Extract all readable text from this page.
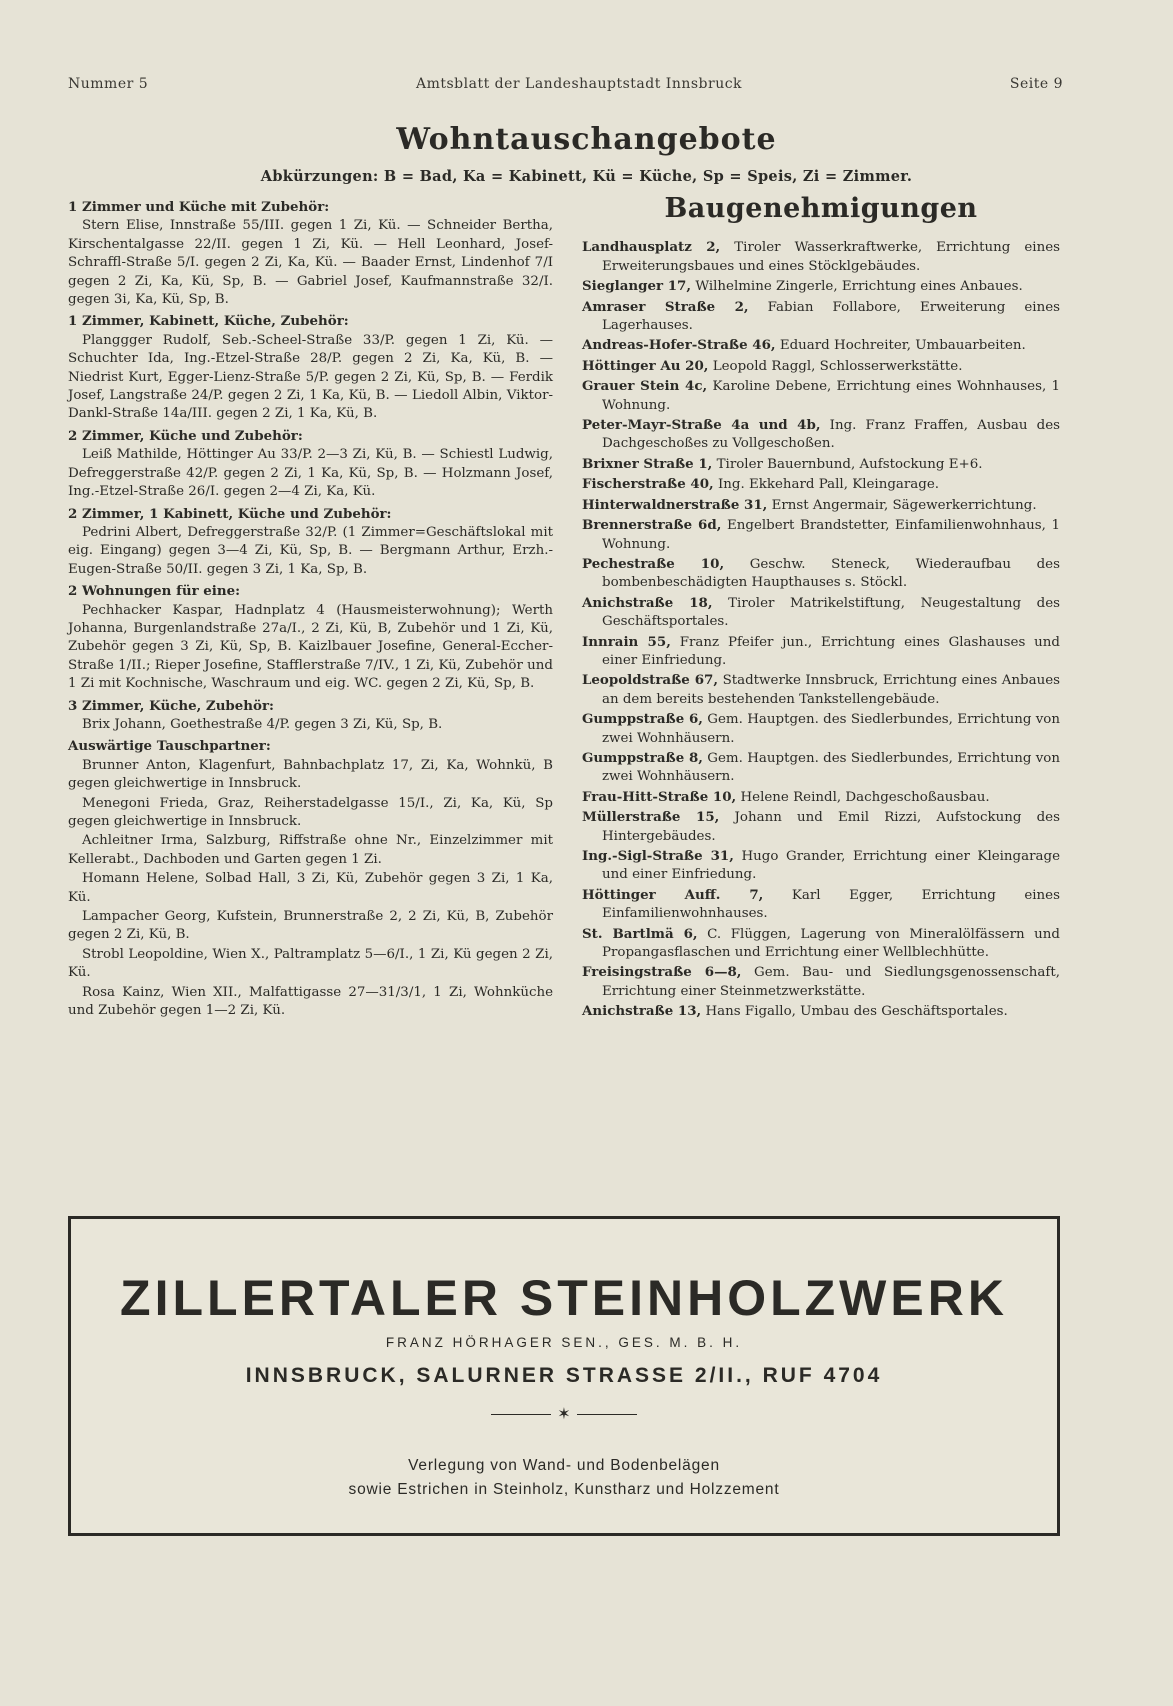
Nummer 5	Amtsblatt der Landeshauptstadt Innsbruck	Seite 9
Wohntauschangebote
Abkürzungen: B = Bad, Ka = Kabinett, Kü = Küche, Sp = Speis, Zi = Zimmer.
1 Zimmer und Küche mit Zubehör:

Stern Elise, Innstraße 55/III. gegen 1 Zi, Kü. — Schneider Bertha, Kirschentalgasse 22/II. gegen 1 Zi, Kü. — Hell Leonhard, Josef-Schraffl-Straße 5/I. gegen 2 Zi, Ka, Kü. — Baader Ernst, Lindenhof 7/I gegen 2 Zi, Ka, Kü, Sp, B. — Gabriel Josef, Kaufmannstraße 32/I. gegen 3i, Ka, Kü, Sp, B.

1 Zimmer, Kabinett, Küche, Zubehör:

Planggger Rudolf, Seb.-Scheel-Straße 33/P. gegen 1 Zi, Kü. — Schuchter Ida, Ing.-Etzel-Straße 28/P. gegen 2 Zi, Ka, Kü, B. — Niedrist Kurt, Egger-Lienz-Straße 5/P. gegen 2 Zi, Kü, Sp, B. — Ferdik Josef, Langstraße 24/P. gegen 2 Zi, 1 Ka, Kü, B. — Liedoll Albin, Viktor-Dankl-Straße 14a/III. gegen 2 Zi, 1 Ka, Kü, B.

2 Zimmer, Küche und Zubehör:

Leiß Mathilde, Höttinger Au 33/P. 2—3 Zi, Kü, B. — Schiestl Ludwig, Defreggerstraße 42/P. gegen 2 Zi, 1 Ka, Kü, Sp, B. — Holzmann Josef, Ing.-Etzel-Straße 26/I. gegen 2—4 Zi, Ka, Kü.

2 Zimmer, 1 Kabinett, Küche und Zubehör:

Pedrini Albert, Defreggerstraße 32/P. (1 Zimmer=Geschäftslokal mit eig. Eingang) gegen 3—4 Zi, Kü, Sp, B. — Bergmann Arthur, Erzh.-Eugen-Straße 50/II. gegen 3 Zi, 1 Ka, Sp, B.

2 Wohnungen für eine:

Pechhacker Kaspar, Hadnplatz 4 (Hausmeisterwohnung); Werth Johanna, Burgenlandstraße 27a/I., 2 Zi, Kü, B, Zubehör und 1 Zi, Kü, Zubehör gegen 3 Zi, Kü, Sp, B. Kaizlbauer Josefine, General-Eccher-Straße 1/II.; Rieper Josefine, Stafflerstraße 7/IV., 1 Zi, Kü, Zubehör und 1 Zi mit Kochnische, Waschraum und eig. WC. gegen 2 Zi, Kü, Sp, B.

3 Zimmer, Küche, Zubehör:

Brix Johann, Goethestraße 4/P. gegen 3 Zi, Kü, Sp, B.

Auswärtige Tauschpartner:

Brunner Anton, Klagenfurt, Bahnbachplatz 17, Zi, Ka, Wohnkü, B gegen gleichwertige in Innsbruck.

Menegoni Frieda, Graz, Reiherstadelgasse 15/I., Zi, Ka, Kü, Sp gegen gleichwertige in Innsbruck.

Achleitner Irma, Salzburg, Riffstraße ohne Nr., Einzelzimmer mit Kellerabt., Dachboden und Garten gegen 1 Zi.

Homann Helene, Solbad Hall, 3 Zi, Kü, Zubehör gegen 3 Zi, 1 Ka, Kü.

Lampacher Georg, Kufstein, Brunnerstraße 2, 2 Zi, Kü, B, Zubehör gegen 2 Zi, Kü, B.

Strobl Leopoldine, Wien X., Paltramplatz 5—6/I., 1 Zi, Kü gegen 2 Zi, Kü.

Rosa Kainz, Wien XII., Malfattigasse 27—31/3/1, 1 Zi, Wohnküche und Zubehör gegen 1—2 Zi, Kü.

Baugenehmigungen

Landhausplatz 2, Tiroler Wasserkraftwerke, Errichtung eines Erweiterungsbaues und eines Stöcklgebäudes.

Sieglanger 17, Wilhelmine Zingerle, Errichtung eines Anbaues.

Amraser Straße 2, Fabian Follabore, Erweiterung eines Lagerhauses.

Andreas-Hofer-Straße 46, Eduard Hochreiter, Umbauarbeiten.

Höttinger Au 20, Leopold Raggl, Schlosserwerkstätte.

Grauer Stein 4c, Karoline Debene, Errichtung eines Wohnhauses, 1 Wohnung.

Peter-Mayr-Straße 4a und 4b, Ing. Franz Fraffen, Ausbau des Dachgeschoßes zu Vollgeschoßen.

Brixner Straße 1, Tiroler Bauernbund, Aufstockung E+6.

Fischerstraße 40, Ing. Ekkehard Pall, Kleingarage.

Hinterwaldnerstraße 31, Ernst Angermair, Sägewerkerrichtung.

Brennerstraße 6d, Engelbert Brandstetter, Einfamilienwohnhaus, 1 Wohnung.

Pechestraße 10, Geschw. Steneck, Wiederaufbau des bombenbeschädigten Haupthauses s. Stöckl.

Anichstraße 18, Tiroler Matrikelstiftung, Neugestaltung des Geschäftsportales.

Innrain 55, Franz Pfeifer jun., Errichtung eines Glashauses und einer Einfriedung.

Leopoldstraße 67, Stadtwerke Innsbruck, Errichtung eines Anbaues an dem bereits bestehenden Tankstellengebäude.

Gumppstraße 6, Gem. Hauptgen. des Siedlerbundes, Errichtung von zwei Wohnhäusern.

Gumppstraße 8, Gem. Hauptgen. des Siedlerbundes, Errichtung von zwei Wohnhäusern.

Frau-Hitt-Straße 10, Helene Reindl, Dachgeschoßausbau.

Müllerstraße 15, Johann und Emil Rizzi, Aufstockung des Hintergebäudes.

Ing.-Sigl-Straße 31, Hugo Grander, Errichtung einer Kleingarage und einer Einfriedung.

Höttinger Auff. 7, Karl Egger, Errichtung eines Einfamilienwohnhauses.

St. Bartlmä 6, C. Flüggen, Lagerung von Mineralölfässern und Propangasflaschen und Errichtung einer Wellblechhütte.

Freisingstraße 6—8, Gem. Bau- und Siedlungsgenossenschaft, Errichtung einer Steinmetzwerkstätte.

Anichstraße 13, Hans Figallo, Umbau des Geschäftsportales.

ZILLERTALER STEINHOLZWERK
FRANZ HÖRHAGER SEN., GES. M. B. H.
INNSBRUCK, SALURNER STRASSE 2/II., RUF 4704
✶
Verlegung von Wand- und Bodenbelägen
sowie Estrichen in Steinholz, Kunstharz und Holzzement
